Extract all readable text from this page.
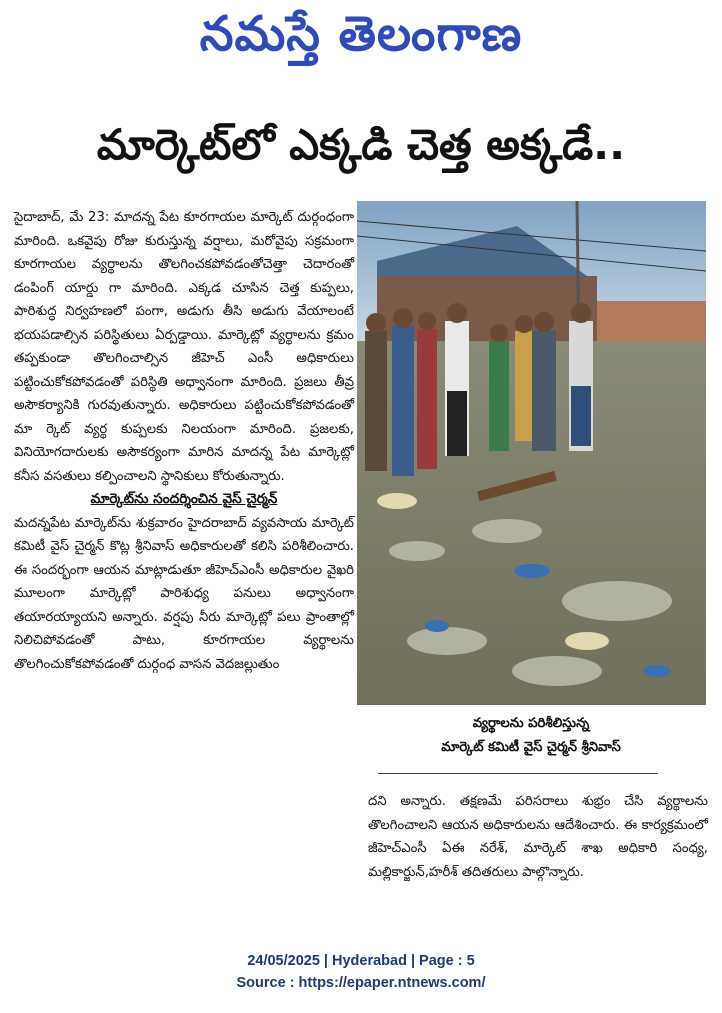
నమస్తే తెలంగాణ
మార్కెట్‌లో ఎక్కడి చెత్త అక్కడే..

సైదాబాద్, మే 23: మాదన్న పేట కూరగాయల మార్కెట్ దుర్గంధంగా మారింది. ఒకవైపు రోజు కురుస్తున్న వర్షాలు, మరోవైపు సక్రమంగా కూరగాయల వ్యర్థాలను తొలగించకపోవడంతోచెత్తా చెదారంతో డంపింగ్ యార్డు గా మారింది. ఎక్కడ చూసిన చెత్త కుప్పలు, పారిశుద్ధ నిర్వహణలో పంగా, అడుగు తీసి అడుగు వేయాలంటే భయపడాల్సిన పరిస్థితులు ఏర్పడ్డాయి. మార్కెట్లో వ్యర్థాలను క్రమం తప్పకుండా తొలగించాల్సిన జీహెచ్ ఎంసీ అధికారులు పట్టించుకోకపోవడంతో పరిస్థితి అధ్వానంగా మారింది. ప్రజలు తీవ్ర అసౌకర్యానికి గురవుతున్నారు. అధికారులు పట్టించుకోకపోవడంతో మా ర్కెట్ వ్యర్థ కుప్పలకు నిలయంగా మారింది. ప్రజలకు, వినియోగదారులకు అసౌకర్యంగా మారిన మాదన్న పేట మార్కెట్లో కనీస వసతులు కల్పించాలని స్థానికులు కోరుతున్నారు.

మార్కెట్‌ను సందర్శించిన వైస్ చైర్మన్

మదన్నపేట మార్కెట్‌ను శుక్రవారం హైదరాబాద్ వ్యవసాయ మార్కెట్ కమిటీ వైస్ చైర్మన్ కొట్ల శ్రీనివాస్ అధికారులతో కలిసి పరిశీలించారు. ఈ సందర్భంగా ఆయన మాట్లాడుతూ జీహెచ్ఎంసీ అధికారుల వైఖరి మూలంగా మార్కెట్లో పారిశుధ్య పనులు అధ్వానంగా తయారయ్యాయని అన్నారు. వర్షపు నీరు మార్కెట్లో పలు ప్రాంతాల్లో నిలిచిపోవడంతో పాటు, కూరగాయల వ్యర్థాలను తొలగించుకోకపోవడంతో దుర్గంధ వాసన వెదజల్లుతుం

వ్యర్థాలను పరిశీలిస్తున్న
మార్కెట్ కమిటీ వైస్ చైర్మన్ శ్రీనివాస్

దని అన్నారు. తక్షణమే పరిసరాలు శుభ్రం చేసి వ్యర్థాలను తొలగించాలని ఆయన అధికారులను ఆదేశించారు. ఈ కార్యక్రమంలో జీహెచ్ఎంసీ ఏఈ నరేశ్, మార్కెట్ శాఖ అధికారి సంధ్య, మల్లికార్జున్,హరీశ్ తదితరులు పాల్గొన్నారు.

24/05/2025 | Hyderabad | Page : 5
Source : https://epaper.ntnews.com/
